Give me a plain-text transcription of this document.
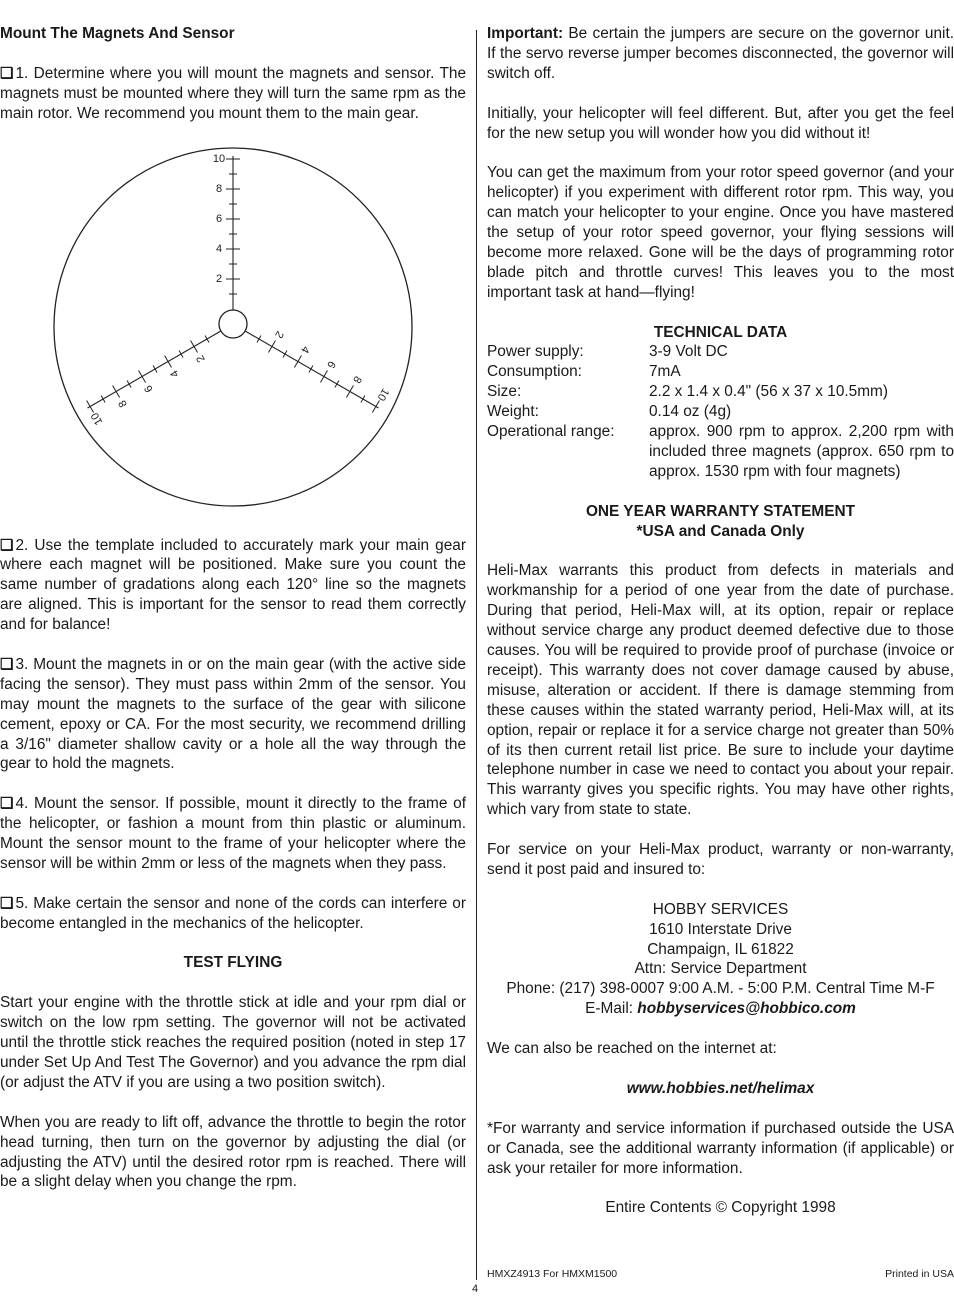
Mount The Magnets And Sensor

❑ 1. Determine where you will mount the magnets and sensor. The magnets must be mounted where they will turn the same rpm as the main rotor. We recommend you mount them to the main gear.

2
4
6
8
10
2
4
6
8
10
2
4
6
8
10

❑ 2. Use the template included to accurately mark your main gear where each magnet will be positioned. Make sure you count the same number of gradations along each 120° line so the magnets are aligned. This is important for the sensor to read them correctly and for balance!

❑ 3. Mount the magnets in or on the main gear (with the active side facing the sensor). They must pass within 2mm of the sensor. You may mount the magnets to the surface of the gear with silicone cement, epoxy or CA. For the most security, we recommend drilling a 3/16" diameter shallow cavity or a hole all the way through the gear to hold the magnets.

❑ 4. Mount the sensor. If possible, mount it directly to the frame of the helicopter, or fashion a mount from thin plastic or aluminum. Mount the sensor mount to the frame of your helicopter where the sensor will be within 2mm or less of the magnets when they pass.

❑ 5. Make certain the sensor and none of the cords can interfere or become entangled in the mechanics of the helicopter.

TEST FLYING

Start your engine with the throttle stick at idle and your rpm dial or switch on the low rpm setting. The governor will not be activated until the throttle stick reaches the required position (noted in step 17 under Set Up And Test The Governor) and you advance the rpm dial (or adjust the ATV if you are using a two position switch).

When you are ready to lift off, advance the throttle to begin the rotor head turning, then turn on the governor by adjusting the dial (or adjusting the ATV) until the desired rotor rpm is reached. There will be a slight delay when you change the rpm.

Important: Be certain the jumpers are secure on the governor unit. If the servo reverse jumper becomes disconnected, the governor will switch off.

Initially, your helicopter will feel different. But, after you get the feel for the new setup you will wonder how you did without it!

You can get the maximum from your rotor speed governor (and your helicopter) if you experiment with different rotor rpm. This way, you can match your helicopter to your engine. Once you have mastered the setup of your rotor speed governor, your flying sessions will become more relaxed. Gone will be the days of programming rotor blade pitch and throttle curves! This leaves you to the most important task at hand—flying!

TECHNICAL DATA

Power supply:	3-9 Volt DC
Consumption:	7mA
Size:	2.2 x 1.4 x 0.4" (56 x 37 x 10.5mm)
Weight:	0.14 oz (4g)
Operational range:	approx. 900 rpm to approx. 2,200 rpm with included three magnets (approx. 650 rpm to approx. 1530 rpm with four magnets)

ONE YEAR WARRANTY STATEMENT

*USA and Canada Only

Heli-Max warrants this product from defects in materials and workmanship for a period of one year from the date of purchase. During that period, Heli-Max will, at its option, repair or replace without service charge any product deemed defective due to those causes. You will be required to provide proof of purchase (invoice or receipt). This warranty does not cover damage caused by abuse, misuse, alteration or accident. If there is damage stemming from these causes within the stated warranty period, Heli-Max will, at its option, repair or replace it for a service charge not greater than 50% of its then current retail list price. Be sure to include your daytime telephone number in case we need to contact you about your repair. This warranty gives you specific rights. You may have other rights, which vary from state to state.

For service on your Heli-Max product, warranty or non-warranty, send it post paid and insured to:

HOBBY SERVICES
1610 Interstate Drive
Champaign, IL 61822
Attn: Service Department
Phone: (217) 398-0007 9:00 A.M. - 5:00 P.M. Central Time M-F
E-Mail: hobbyservices@hobbico.com

We can also be reached on the internet at:

www.hobbies.net/helimax

*For warranty and service information if purchased outside the USA or Canada, see the additional warranty information (if applicable) or ask your retailer for more information.

Entire Contents © Copyright 1998

HMXZ4913 For HMXM1500	Printed in USA
4
